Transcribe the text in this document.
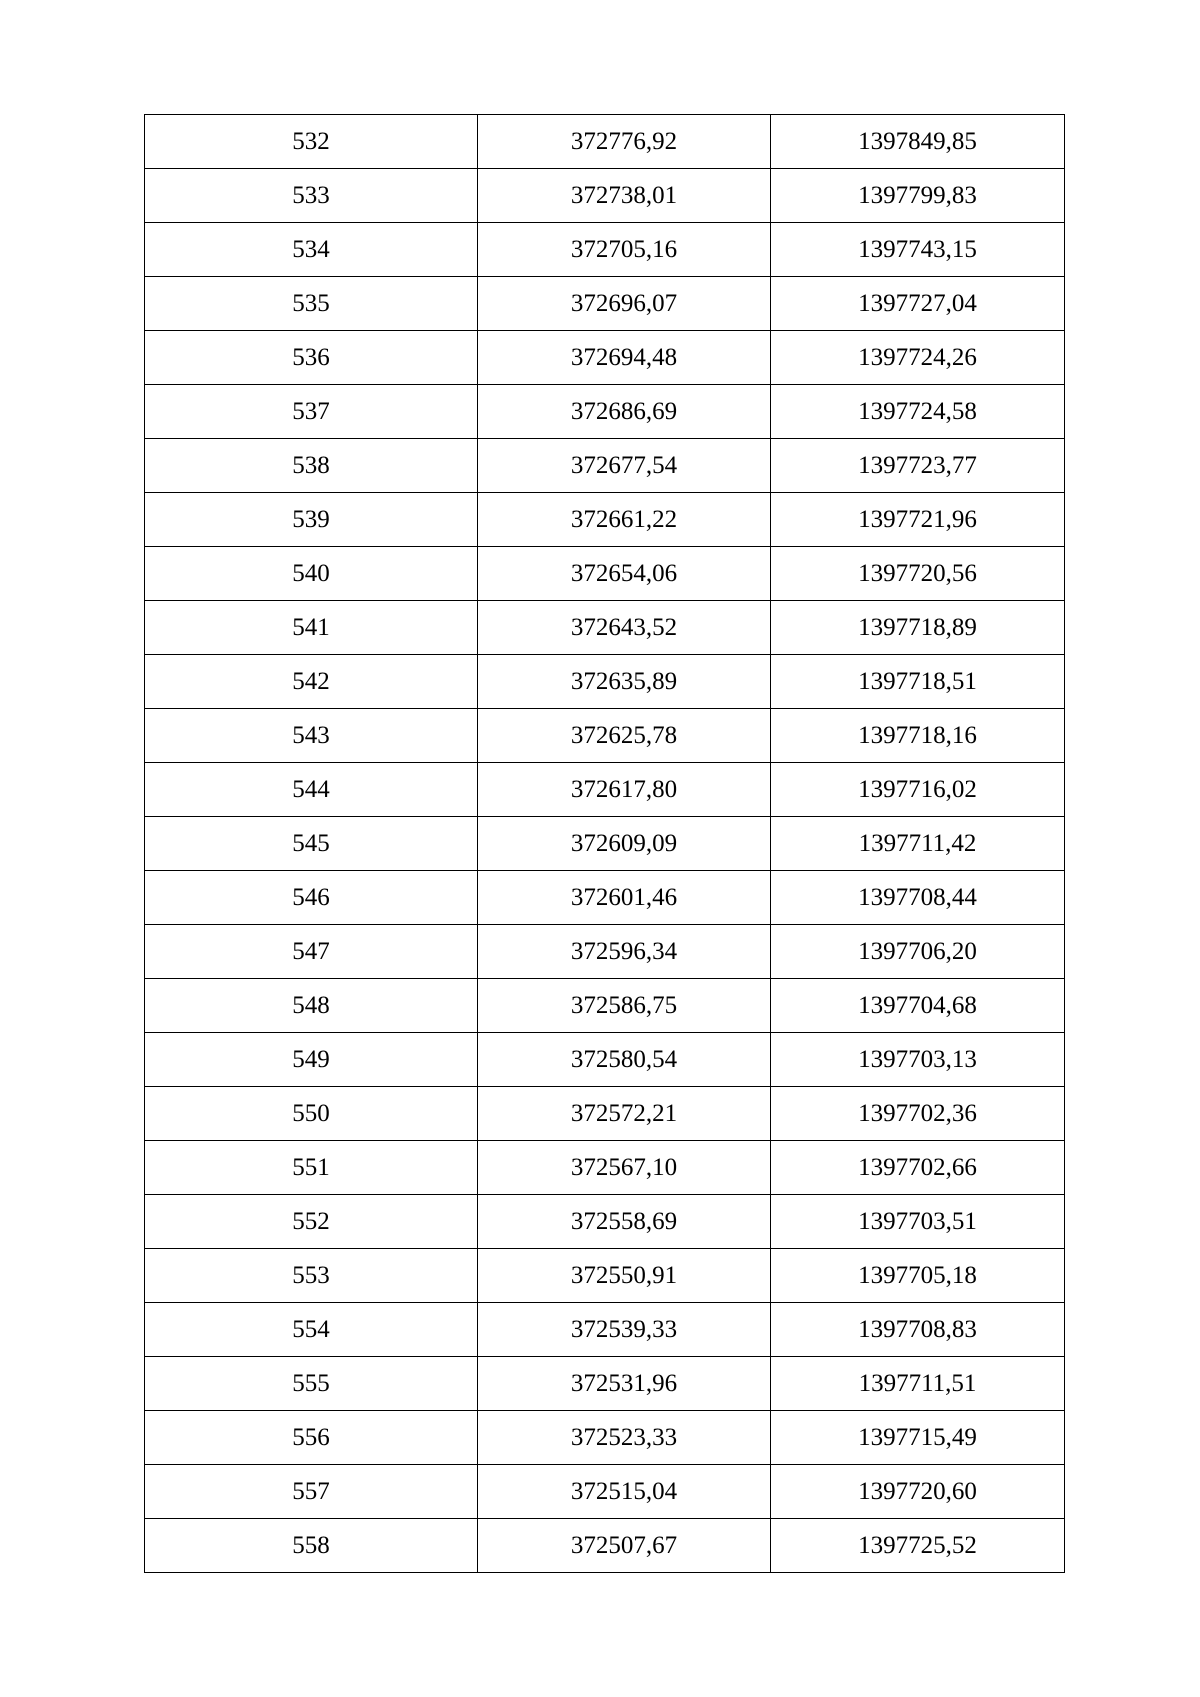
532	372776,92	1397849,85
533	372738,01	1397799,83
534	372705,16	1397743,15
535	372696,07	1397727,04
536	372694,48	1397724,26
537	372686,69	1397724,58
538	372677,54	1397723,77
539	372661,22	1397721,96
540	372654,06	1397720,56
541	372643,52	1397718,89
542	372635,89	1397718,51
543	372625,78	1397718,16
544	372617,80	1397716,02
545	372609,09	1397711,42
546	372601,46	1397708,44
547	372596,34	1397706,20
548	372586,75	1397704,68
549	372580,54	1397703,13
550	372572,21	1397702,36
551	372567,10	1397702,66
552	372558,69	1397703,51
553	372550,91	1397705,18
554	372539,33	1397708,83
555	372531,96	1397711,51
556	372523,33	1397715,49
557	372515,04	1397720,60
558	372507,67	1397725,52
